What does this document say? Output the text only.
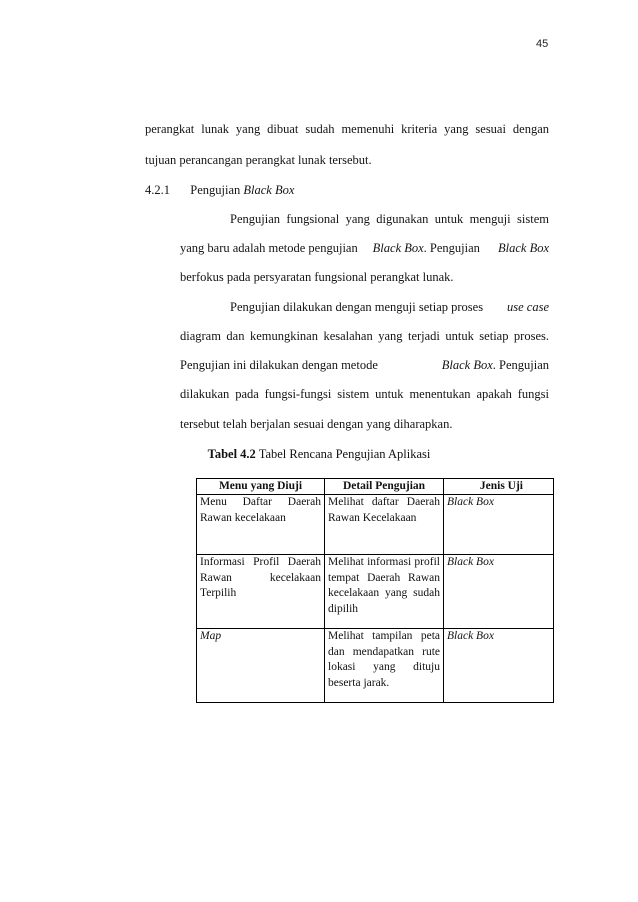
45
perangkat lunak yang dibuat sudah memenuhi kriteria yang sesuai dengan
tujuan perancangan perangkat lunak tersebut.
4.2.1 Pengujian Black Box
Pengujian fungsional yang digunakan untuk menguji sistem
yang baru adalah metode pengujian Black Box. Pengujian Black Box
berfokus pada persyaratan fungsional perangkat lunak.
Pengujian dilakukan dengan menguji setiap proses use case
diagram dan kemungkinan kesalahan yang terjadi untuk setiap proses.
Pengujian ini dilakukan dengan metode	Black Box. Pengujian
dilakukan pada fungsi-fungsi sistem untuk menentukan apakah fungsi
tersebut telah berjalan sesuai dengan yang diharapkan.
Tabel 4.2 Tabel Rencana Pengujian Aplikasi
Menu yang Diuji	Detail Pengujian	Jenis Uji
Menu Daftar Daerah Rawan kecelakaan	Melihat daftar Daerah Rawan Kecelakaan	Black Box
Informasi Profil Daerah Rawan kecelakaan Terpilih	Melihat informasi profil tempat Daerah Rawan kecelakaan yang sudah dipilih	Black Box
Map	Melihat tampilan peta dan mendapatkan rute lokasi yang dituju beserta jarak.	Black Box
